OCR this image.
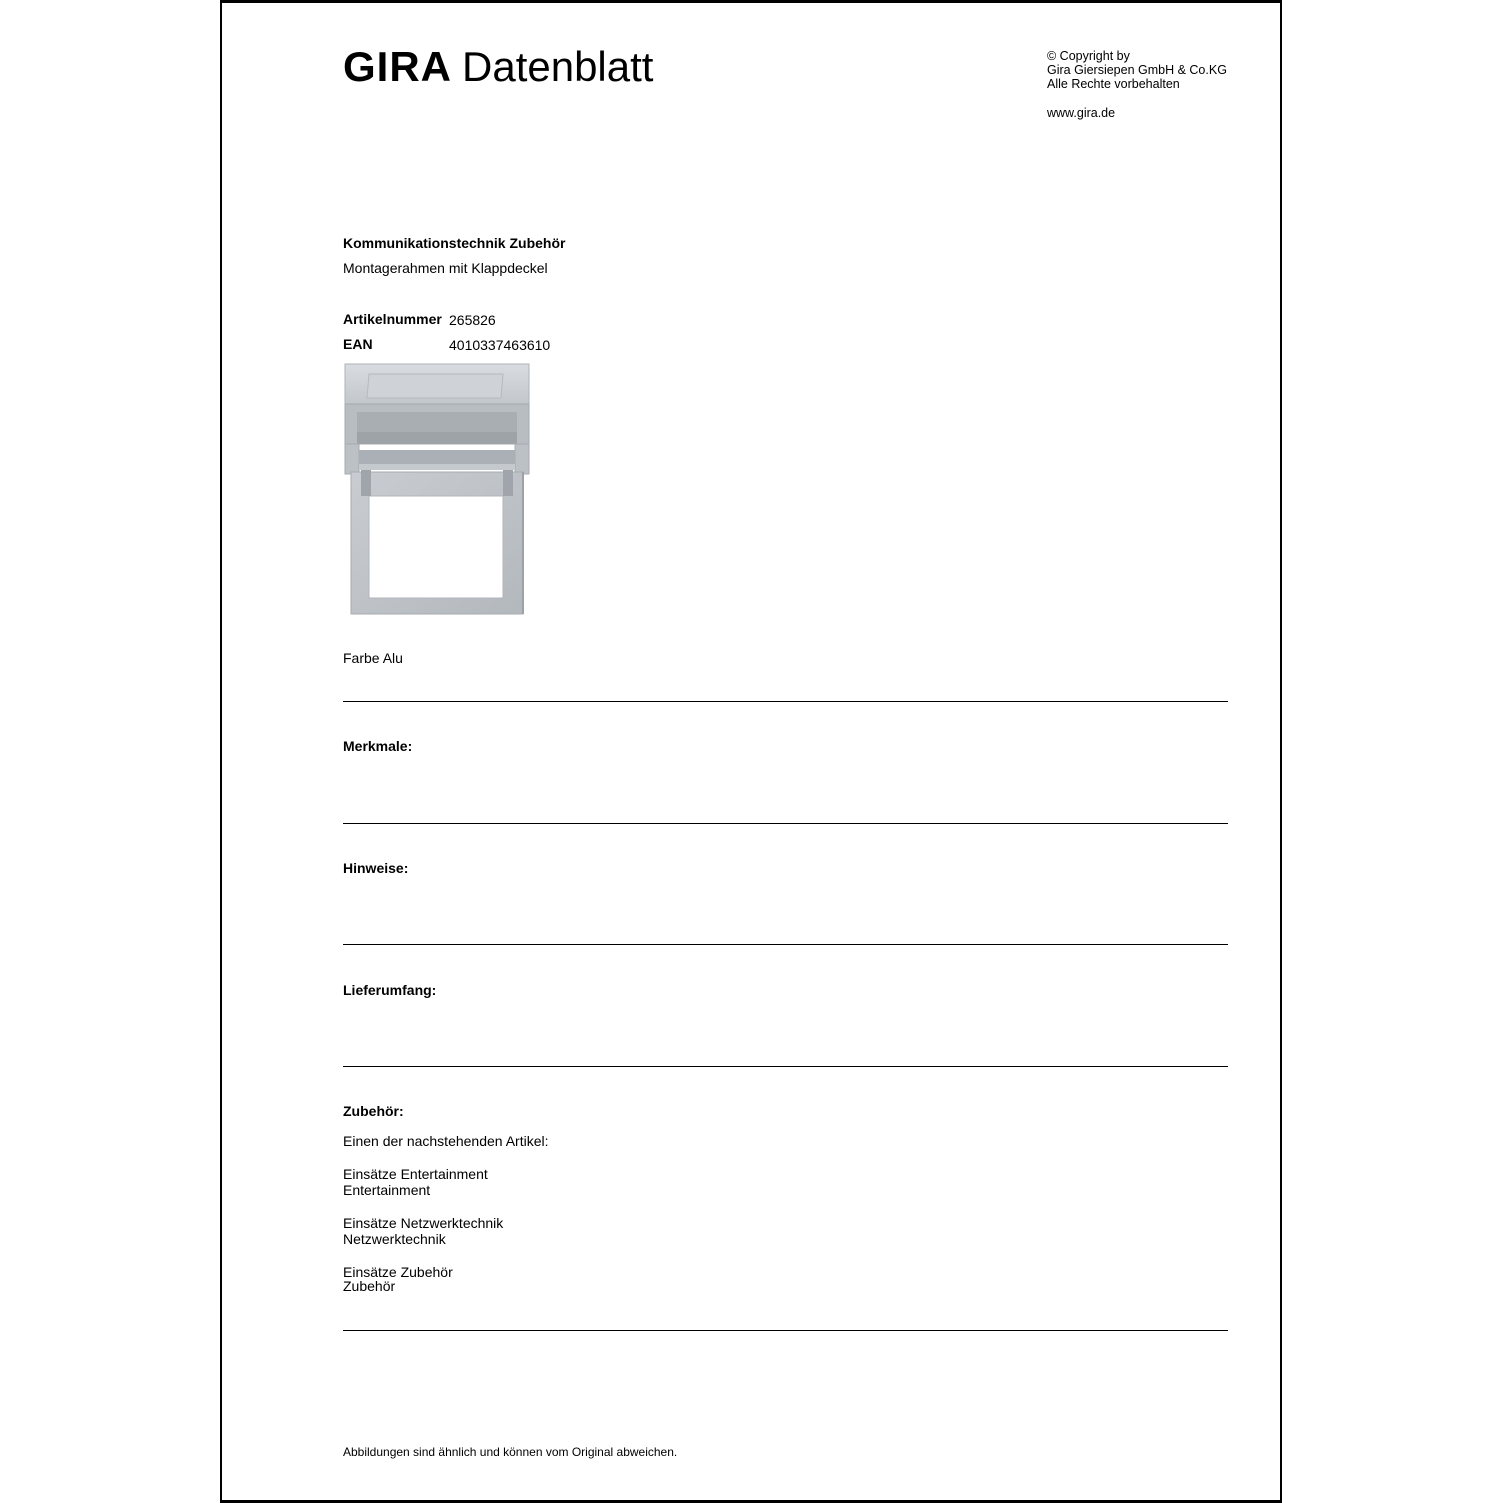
GIRA Datenblatt	© Copyright by
Gira Giersiepen GmbH & Co.KG
Alle Rechte vorbehalten
www.gira.de
Kommunikationstechnik Zubehör
Montagerahmen mit Klappdeckel
Artikelnummer 265826
EAN	4010337463610
Farbe Alu
Merkmale:
Hinweise:
Lieferumfang:
Zubehör:
Einen der nachstehenden Artikel:
Einsätze Entertainment
Entertainment
Einsätze Netzwerktechnik
Netzwerktechnik
Einsätze Zubehör
Zubehör
Abbildungen sind ähnlich und können vom Original abweichen.
